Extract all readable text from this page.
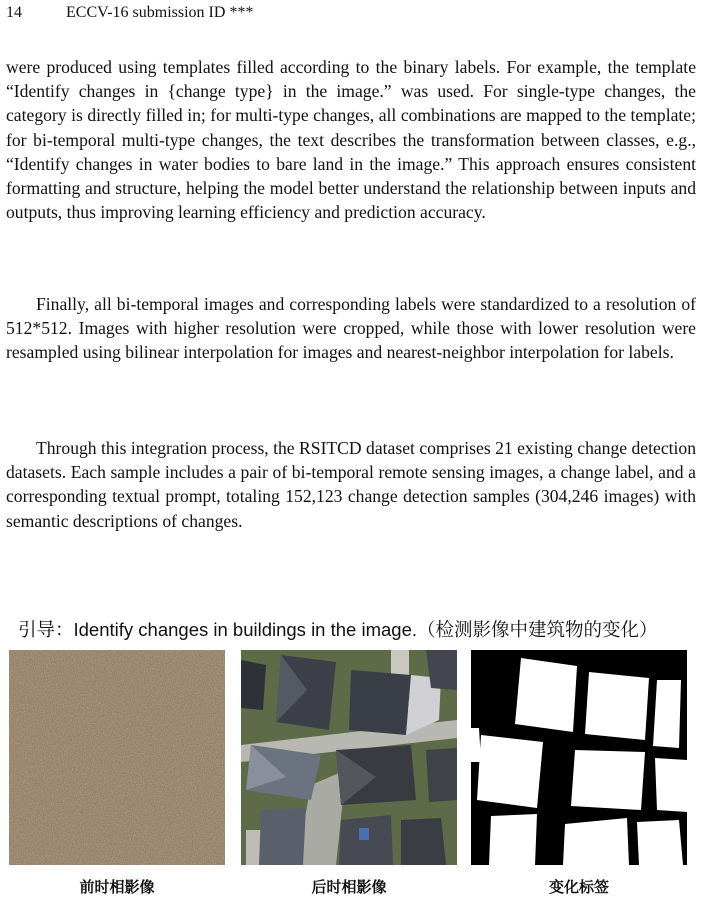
14	ECCV-16 submission ID ***
were produced using templates filled according to the binary labels. For example, the template “Identify changes in {change type} in the image.” was used. For single-type changes, the category is directly filled in; for multi-type changes, all combinations are mapped to the template; for bi-temporal multi-type changes, the text describes the transformation between classes, e.g., “Identify changes in water bodies to bare land in the image.” This approach ensures consistent formatting and structure, helping the model better understand the relationship between inputs and outputs, thus improving learning efficiency and prediction accuracy.
Finally, all bi-temporal images and corresponding labels were standardized to a resolution of 512*512. Images with higher resolution were cropped, while those with lower resolution were resampled using bilinear interpolation for images and nearest-neighbor interpolation for labels.
Through this integration process, the RSITCD dataset comprises 21 existing change detection datasets. Each sample includes a pair of bi-temporal remote sensing images, a change label, and a corresponding textual prompt, totaling 152,123 change detection samples (304,246 images) with semantic descriptions of changes.
引导：Identify changes in buildings in the image.（检测影像中建筑物的变化）
前时相影像	后时相影像	变化标签
